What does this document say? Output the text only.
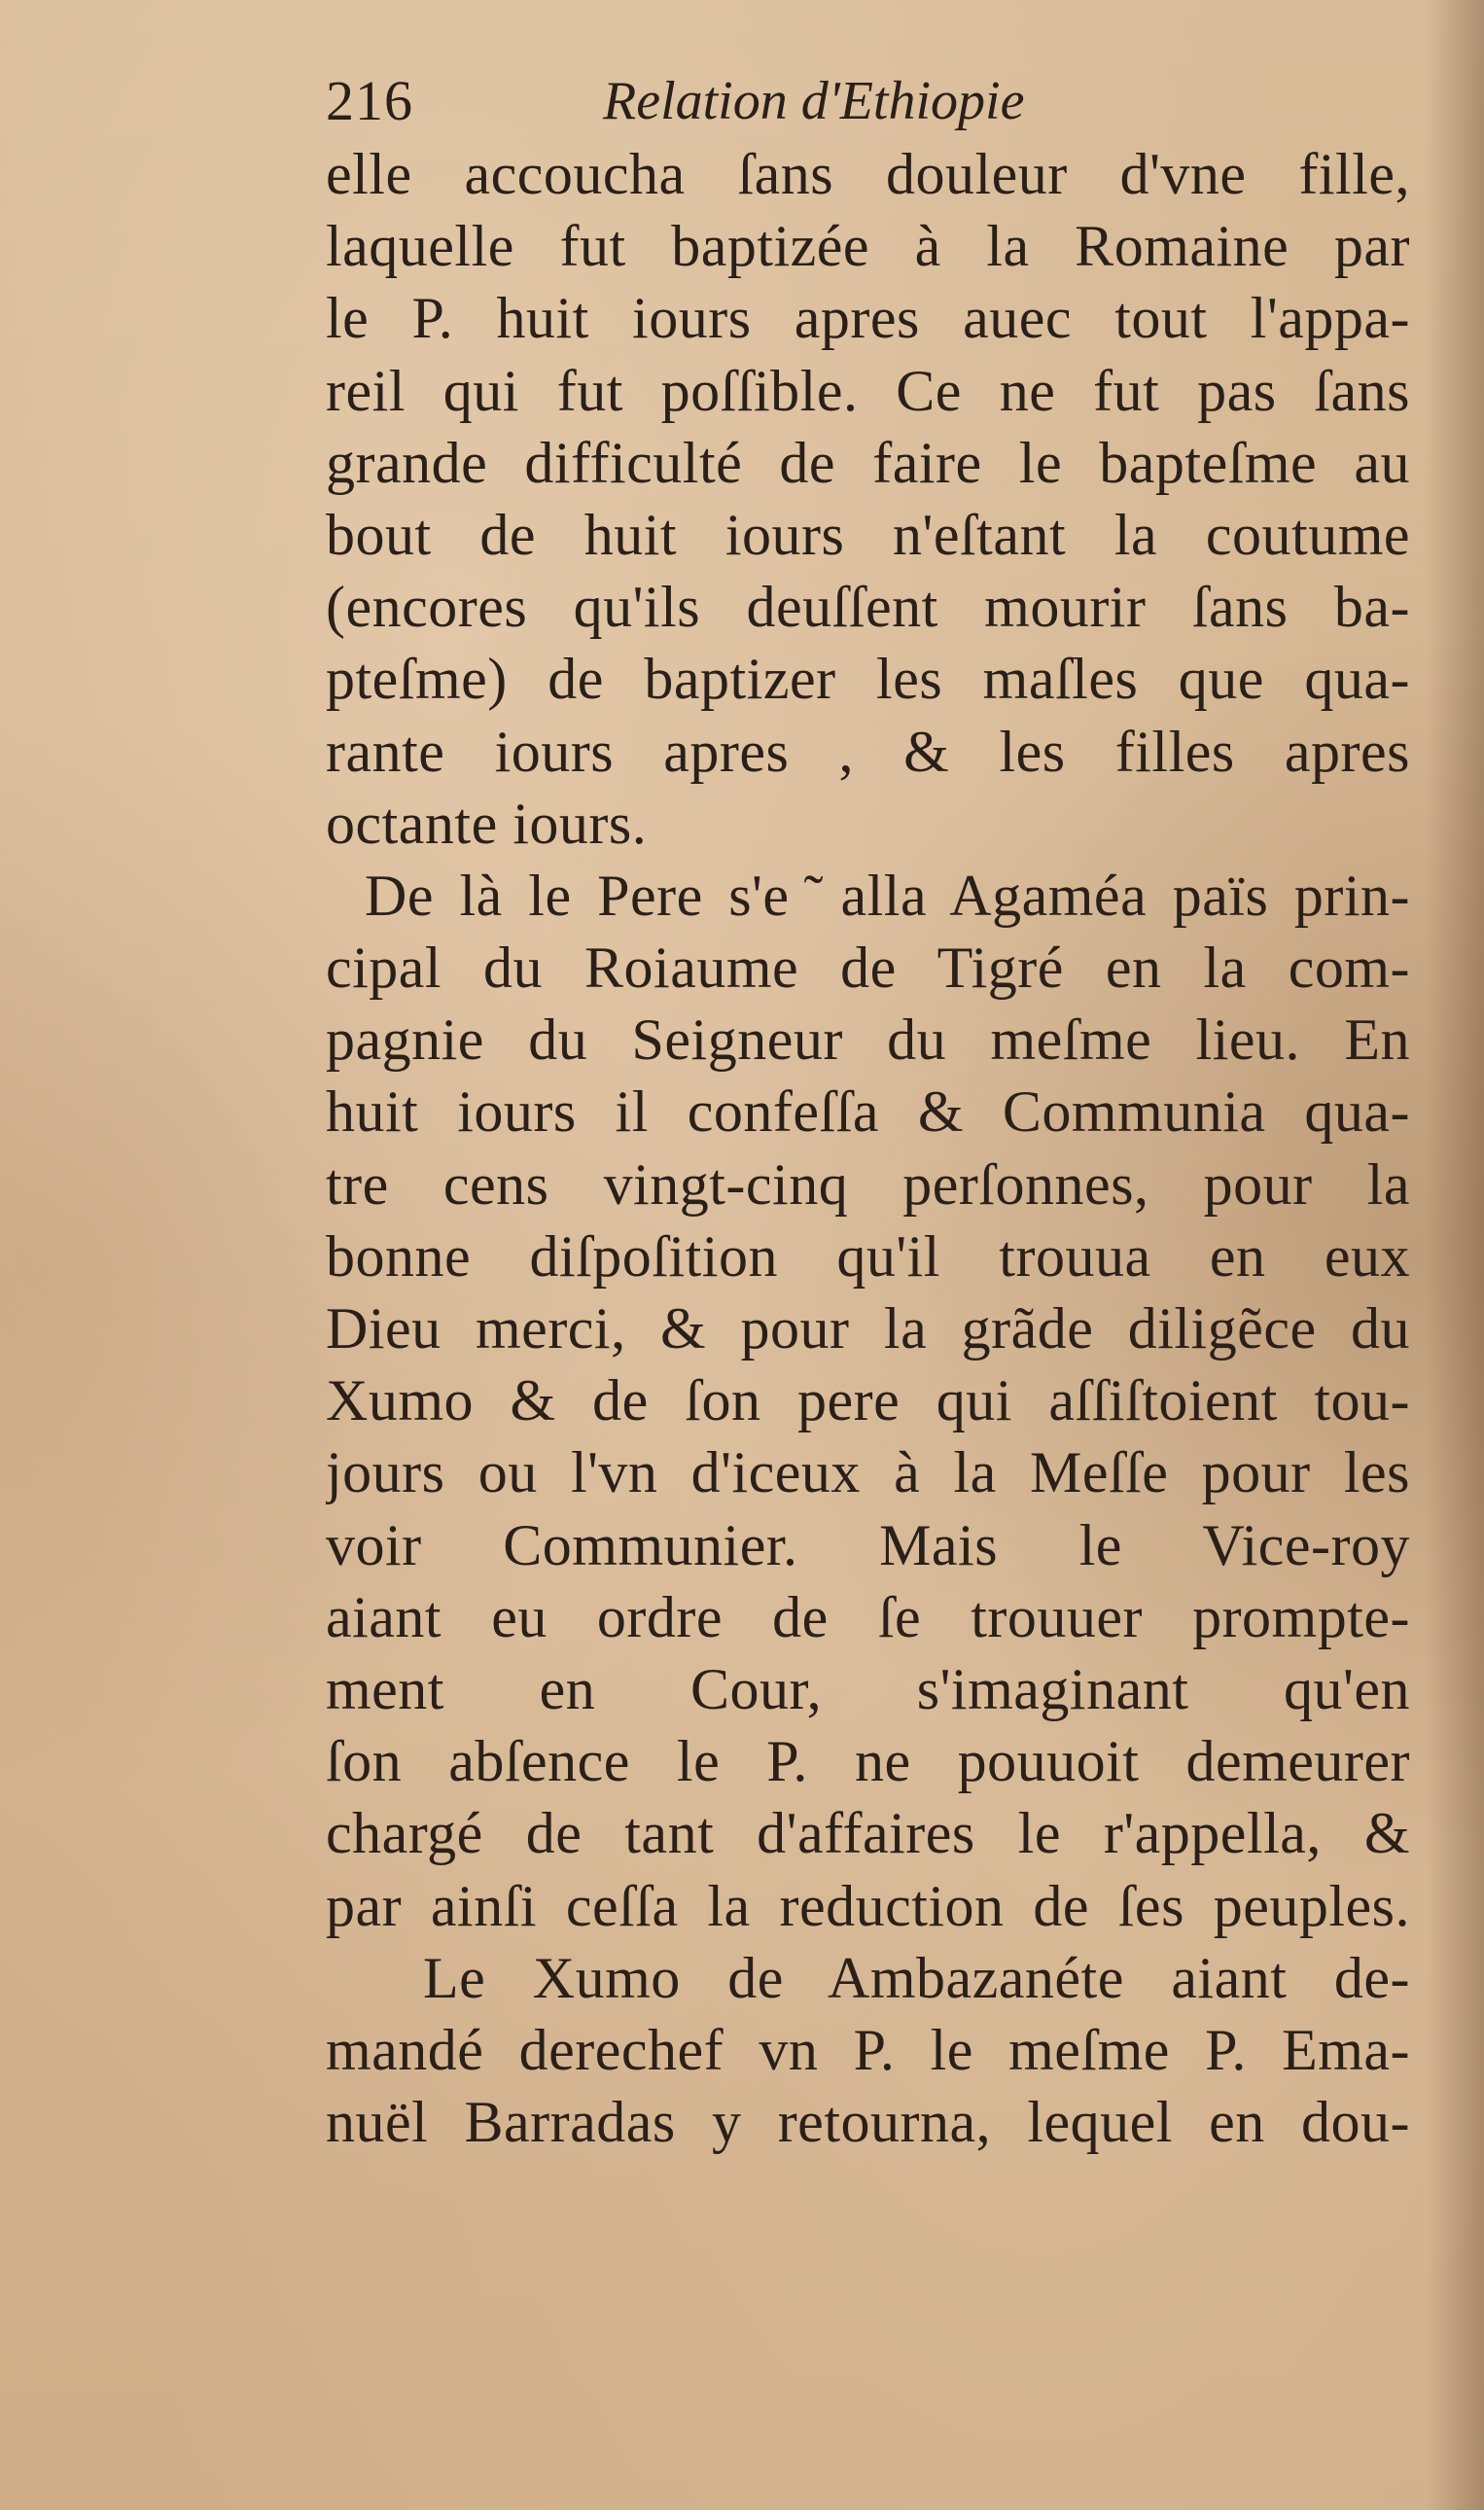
216	Relation d'Ethiopie
elle accoucha ſans douleur d'vne fille,
laquelle fut baptizée à la Romaine par
le P. huit iours apres auec tout l'appa-
reil qui fut poſſible. Ce ne fut pas ſans
grande difficulté de faire le bapteſme au
bout de huit iours n'eſtant la coutume
(encores qu'ils deuſſent mourir ſans ba-
pteſme) de baptizer les maſles que qua-
rante iours apres , & les filles apres
octante iours.
De là le Pere s'e ̃ alla Agaméa païs prin-
cipal du Roiaume de Tigré en la com-
pagnie du Seigneur du meſme lieu. En
huit iours il confeſſa & Communia qua-
tre cens vingt-cinq perſonnes, pour la
bonne diſpoſition qu'il trouua en eux
Dieu merci, & pour la grãde diligẽce du
Xumo & de ſon pere qui aſſiſtoient tou-
jours ou l'vn d'iceux à la Meſſe pour les
voir Communier. Mais le Vice-roy
aiant eu ordre de ſe trouuer prompte-
ment en Cour, s'imaginant qu'en
ſon abſence le P. ne pouuoit demeurer
chargé de tant d'affaires le r'appella, &
par ainſi ceſſa la reduction de ſes peuples.
Le Xumo de Ambazanéte aiant de-
mandé derechef vn P. le meſme P. Ema-
nuël Barradas y retourna, lequel en dou-
